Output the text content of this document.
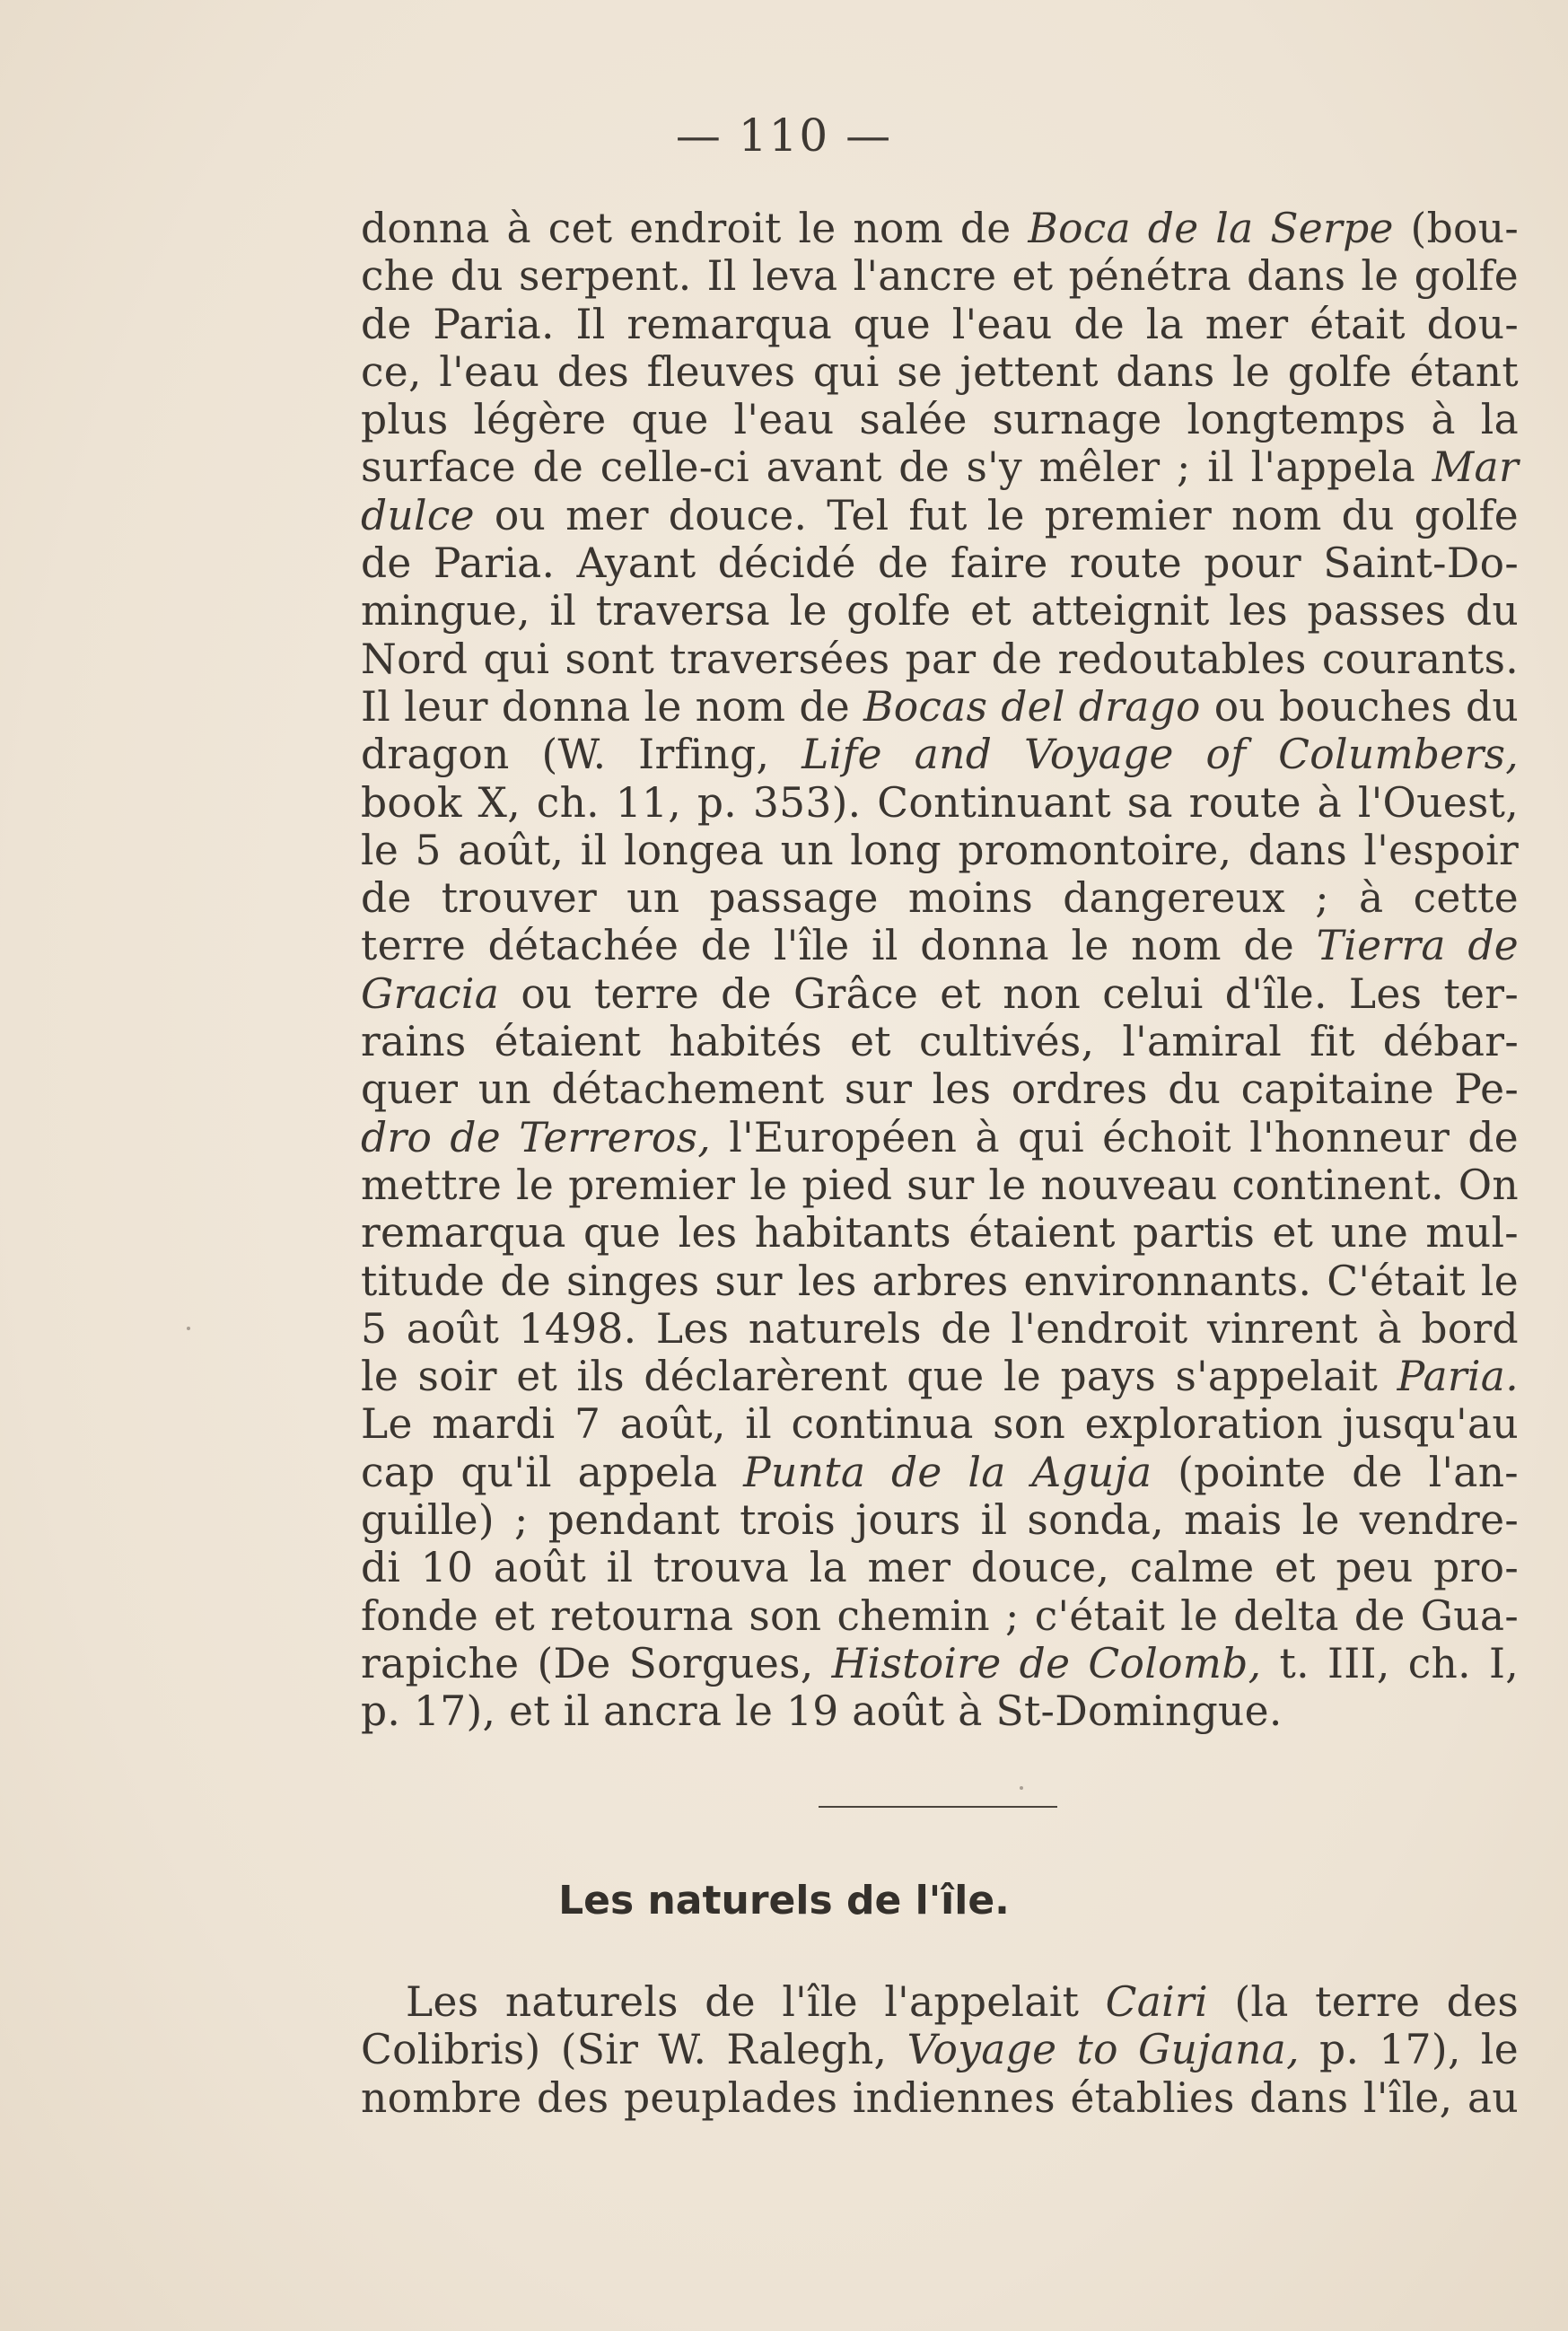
— 110 —
donna à cet endroit le nom de Boca de la Serpe (bou-
che du serpent. Il leva l'ancre et pénétra dans le golfe
de Paria. Il remarqua que l'eau de la mer était dou-
ce, l'eau des fleuves qui se jettent dans le golfe étant
plus légère que l'eau salée surnage longtemps à la
surface de celle-ci avant de s'y mêler ; il l'appela Mar
dulce ou mer douce. Tel fut le premier nom du golfe
de Paria. Ayant décidé de faire route pour Saint-Do-
mingue, il traversa le golfe et atteignit les passes du
Nord qui sont traversées par de redoutables courants.
Il leur donna le nom de Bocas del drago ou bouches du
dragon (W. Irfing, Life and Voyage of Columbers,
book X, ch. 11, p. 353). Continuant sa route à l'Ouest,
le 5 août, il longea un long promontoire, dans l'espoir
de trouver un passage moins dangereux ; à cette
terre détachée de l'île il donna le nom de Tierra de
Gracia ou terre de Grâce et non celui d'île. Les ter-
rains étaient habités et cultivés, l'amiral fit débar-
quer un détachement sur les ordres du capitaine Pe-
dro de Terreros, l'Européen à qui échoit l'honneur de
mettre le premier le pied sur le nouveau continent. On
remarqua que les habitants étaient partis et une mul-
titude de singes sur les arbres environnants. C'était le
5 août 1498. Les naturels de l'endroit vinrent à bord
le soir et ils déclarèrent que le pays s'appelait Paria.
Le mardi 7 août, il continua son exploration jusqu'au
cap qu'il appela Punta de la Aguja (pointe de l'an-
guille) ; pendant trois jours il sonda, mais le vendre-
di 10 août il trouva la mer douce, calme et peu pro-
fonde et retourna son chemin ; c'était le delta de Gua-
rapiche (De Sorgues, Histoire de Colomb, t. III, ch. I,
p. 17), et il ancra le 19 août à St-Domingue.
Les naturels de l'île.
Les naturels de l'île l'appelait Cairi (la terre des
Colibris) (Sir W. Ralegh, Voyage to Gujana, p. 17), le
nombre des peuplades indiennes établies dans l'île, au
